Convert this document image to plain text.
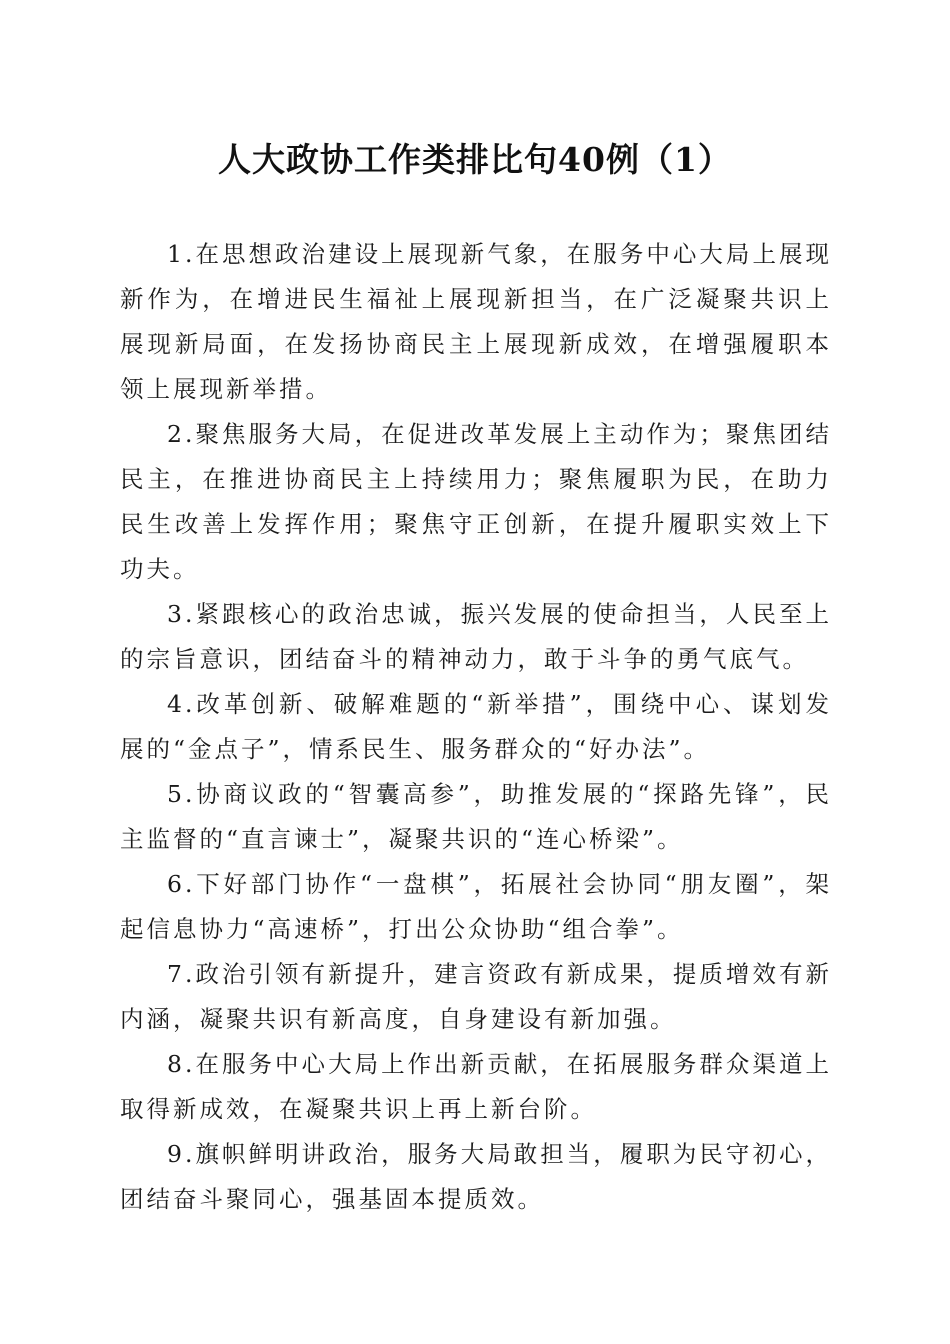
人大政协工作类排比句40例（1）

1.在思想政治建设上展现新气象，在服务中心大局上展现新作为，在增进民生福祉上展现新担当，在广泛凝聚共识上展现新局面，在发扬协商民主上展现新成效，在增强履职本领上展现新举措。

2.聚焦服务大局，在促进改革发展上主动作为；聚焦团结民主，在推进协商民主上持续用力；聚焦履职为民，在助力民生改善上发挥作用；聚焦守正创新，在提升履职实效上下功夫。

3.紧跟核心的政治忠诚，振兴发展的使命担当，人民至上的宗旨意识，团结奋斗的精神动力，敢于斗争的勇气底气。

4.改革创新、破解难题的“新举措”，围绕中心、谋划发展的“金点子”，情系民生、服务群众的“好办法”。

5.协商议政的“智囊高参”，助推发展的“探路先锋”，民主监督的“直言谏士”，凝聚共识的“连心桥梁”。

6.下好部门协作“一盘棋”，拓展社会协同“朋友圈”，架起信息协力“高速桥”，打出公众协助“组合拳”。

7.政治引领有新提升，建言资政有新成果，提质增效有新内涵，凝聚共识有新高度，自身建设有新加强。

8.在服务中心大局上作出新贡献，在拓展服务群众渠道上取得新成效，在凝聚共识上再上新台阶。

9.旗帜鲜明讲政治，服务大局敢担当，履职为民守初心，团结奋斗聚同心，强基固本提质效。
